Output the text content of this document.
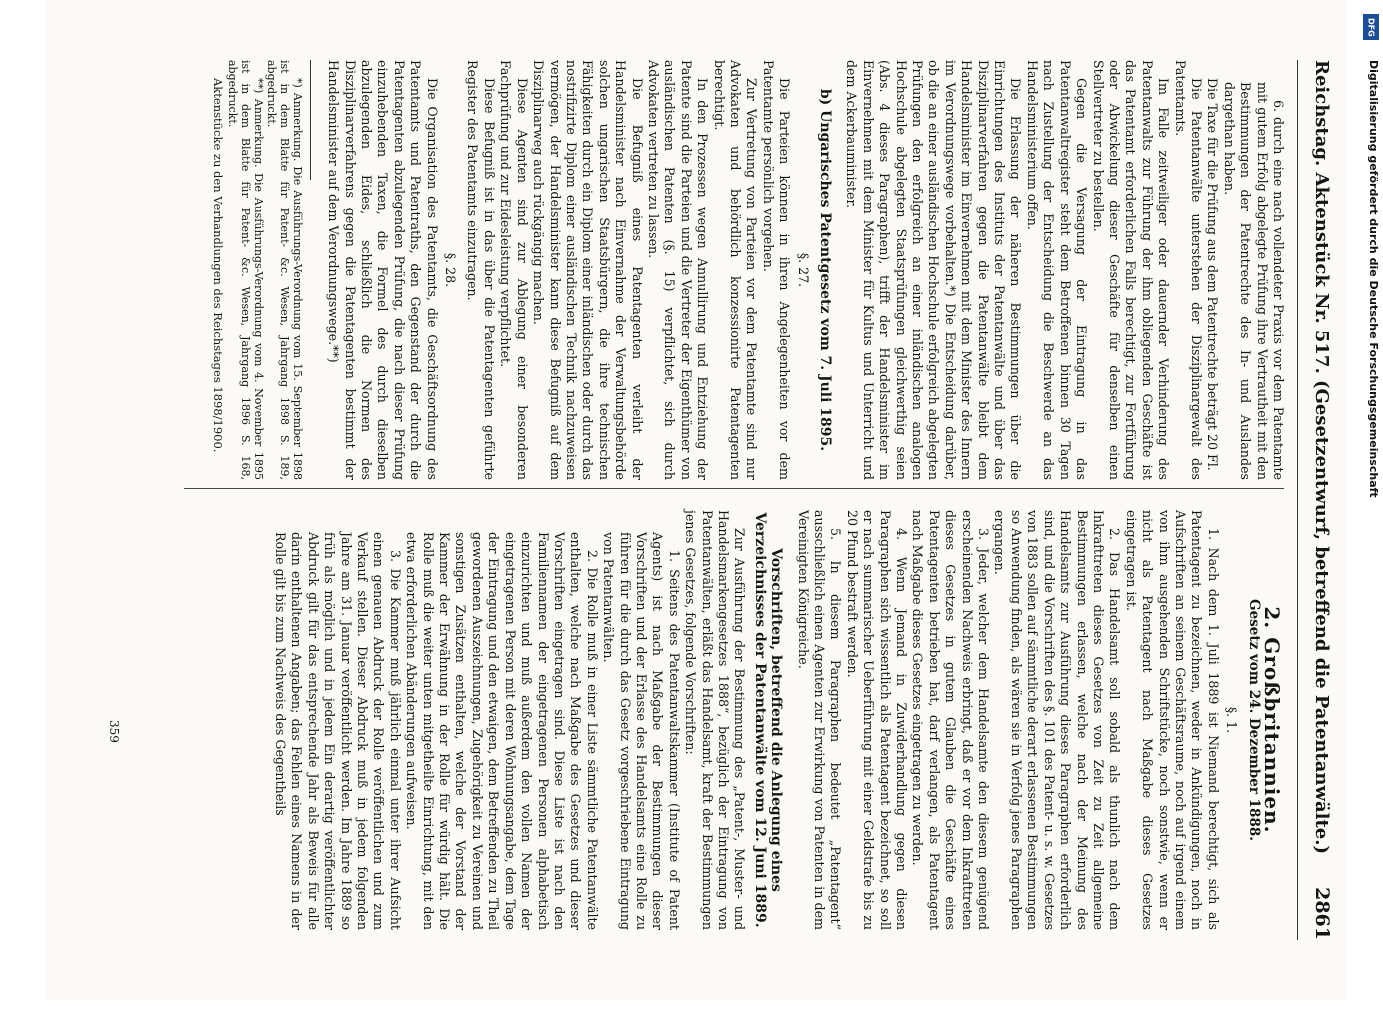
Reichstag. Aktenstück Nr. 517. (Gesetzentwurf, betreffend die Patentanwälte.)
2861

6. durch eine nach vollendeter Praxis vor dem Patentamte mit gutem Erfolg abgelegte Prüfung ihre Vertrautheit mit den Bestimmungen der Patentrechte des In- und Auslandes dargethan haben.

Die Taxe für die Prüfung aus dem Patentrechte beträgt 20 Fl.

Die Patentanwälte unterstehen der Disziplinargewalt des Patentamts.

Im Falle zeitweiliger oder dauernder Verhinderung des Patentanwalts zur Führung der ihm obliegenden Geschäfte ist das Patentamt erforderlichen Falls berechtigt, zur Fortführung oder Abwickelung dieser Geschäfte für denselben einen Stellvertreter zu bestellen.

Gegen die Versagung der Eintragung in das Patentanwaltregister steht dem Betroffenen binnen 30 Tagen nach Zustellung der Entscheidung die Beschwerde an das Handelsministerium offen.

Die Erlassung der näheren Bestimmungen über die Einrichtungen des Instituts der Patentanwälte und über das Disziplinarverfahren gegen die Patentanwälte bleibt dem Handelsminister im Einvernehmen mit dem Minister des Innern im Verordnungswege vorbehalten.*) Die Entscheidung darüber, ob die an einer ausländischen Hochschule erfolgreich abgelegten Prüfungen den erfolgreich an einer inländischen analogen Hochschule abgelegten Staatsprüfungen gleichwerthig seien (Abs. 4 dieses Paragraphen), trifft der Handelsminister im Einvernehmen mit dem Minister für Kultus und Unterricht und dem Ackerbauminister.

b) Ungarisches Patentgesetz vom 7. Juli 1895.
§. 27.

Die Parteien können in ihren Angelegenheiten vor dem Patentamte persönlich vorgehen.

Zur Vertretung von Parteien vor dem Patentamte sind nur Advokaten und behördlich konzessionirte Patentagenten berechtigt.

In den Prozessen wegen Annullirung und Entziehung der Patente sind die Parteien und die Vertreter der Eigenthümer von ausländischen Patenten (§. 15) verpflichtet, sich durch Advokaten vertreten zu lassen.

Die Befugniß eines Patentagenten verleiht der Handelsminister nach Einvernahme der Verwaltungsbehörde solchen ungarischen Staatsbürgern, die ihre technischen Fähigkeiten durch ein Diplom einer inländischen oder durch das nostrifizirte Diplom einer ausländischen Technik nachzuweisen vermögen, der Handelsminister kann diese Befugniß auf dem Disziplinarweg auch rückgängig machen.

Diese Agenten sind zur Ablegung einer besonderen Fachprüfung und zur Eidesleistung verpflichtet.

Diese Befugniß ist in das über die Patentagenten geführte Register des Patentamts einzutragen.

§. 28.

Die Organisation des Patentamts, die Geschäftsordnung des Patentamts und Patentraths, den Gegenstand der durch die Patentagenten abzulegenden Prüfung, die nach dieser Prüfung einzuhebenden Taxen, die Formel des durch dieselben abzulegenden Eides, schließlich die Normen des Disziplinarverfahrens gegen die Patentagenten bestimmt der Handelsminister auf dem Verordnungswege.**)

*) Anmerkung. Die Ausführungs-Verordnung vom 15. September 1898 ist in dem Blatte für Patent- &c. Wesen, Jahrgang 1898 S. 189, abgedruckt.

**) Anmerkung. Die Ausführungs-Verordnung vom 4. November 1895 ist in dem Blatte für Patent- &c. Wesen, Jahrgang 1896 S. 168, abgedruckt.

Aktenstücke zu den Verhandlungen des Reichstages 1898/1900.

2. Großbritannien.
Gesetz vom 24. Dezember 1888.
§. 1.

1. Nach dem 1. Juli 1889 ist Niemand berechtigt, sich als Patentagent zu bezeichnen, weder in Ankündigungen, noch in Aufschriften an seinem Geschäftsraume, noch auf irgend einem von ihm ausgehenden Schriftstücke, noch sonstwie, wenn er nicht als Patentagent nach Maßgabe dieses Gesetzes eingetragen ist.

2. Das Handelsamt soll sobald als thunlich nach dem Inkrafttreten dieses Gesetzes von Zeit zu Zeit allgemeine Bestimmungen erlassen, welche nach der Meinung des Handelsamts zur Ausführung dieses Paragraphen erforderlich sind, und die Vorschriften des §. 101 des Patent- u. s. w. Gesetzes von 1883 sollen auf sämmtliche derart erlassenen Bestimmungen so Anwendung finden, als wären sie in Verfolg jenes Paragraphen ergangen.

3. Jeder, welcher dem Handelsamte den diesem genügend erscheinenden Nachweis erbringt, daß er vor dem Inkrafttreten dieses Gesetzes in gutem Glauben die Geschäfte eines Patentagenten betrieben hat, darf verlangen, als Patentagent nach Maßgabe dieses Gesetzes eingetragen zu werden.

4. Wenn Jemand in Zuwiderhandlung gegen diesen Paragraphen sich wissentlich als Patentagent bezeichnet, so soll er nach summarischer Ueberführung mit einer Geldstrafe bis zu 20 Pfund bestraft werden.

5. In diesem Paragraphen bedeutet „Patentagent“ ausschließlich einen Agenten zur Erwirkung von Patenten in dem Vereinigten Königreiche.

Vorschriften, betreffend die Anlegung eines Verzeichnisses der Patentanwälte vom 12. Juni 1889.

Zur Ausführung der Bestimmung des „Patent-, Muster- und Handelsmarkengesetzes 1888“, bezüglich der Eintragung von Patentanwälten, erläßt das Handelsamt, kraft der Bestimmungen jenes Gesetzes, folgende Vorschriften:

1. Seitens des Patentanwaltskammer (Institute of Patent Agents) ist nach Maßgabe der Bestimmungen dieser Vorschriften und der Erlasse des Handelsamts eine Rolle zu führen für die durch das Gesetz vorgeschriebene Eintragung von Patentanwälten.

2. Die Rolle muß in einer Liste sämmtliche Patentanwälte enthalten, welche nach Maßgabe des Gesetzes und dieser Vorschriften eingetragen sind. Diese Liste ist nach den Familiennamen der eingetragenen Personen alphabetisch einzurichten und muß außerdem den vollen Namen der eingetragenen Person mit deren Wohnungsangabe, dem Tage der Eintragung und den etwaigen, dem Betreffenden zu Theil gewordenen Auszeichnungen, Zugehörigkeit zu Vereinen und sonstigen Zusätzen enthalten, welche der Vorstand der Kammer der Erwähnung in der Rolle für würdig hält. Die Rolle muß die weiter unten mitgetheilte Einrichtung, mit den etwa erforderlichen Abänderungen aufweisen.

3. Die Kammer muß jährlich einmal unter ihrer Aufsicht einen genauen Abdruck der Rolle veröffentlichen und zum Verkauf stellen. Dieser Abdruck muß in jedem folgenden Jahre am 31. Januar veröffentlicht werden. Im Jahre 1889 so früh als möglich und in jedem Ein derartig veröffentlichter Abdruck gilt für das entsprechende Jahr als Beweis für alle darin enthaltenen Angaben; das Fehlen eines Namens in der Rolle gilt bis zum Nachweis des Gegentheils

359
DFG
Digitalisierung gefördert durch die Deutsche Forschungsgemeinschaft
